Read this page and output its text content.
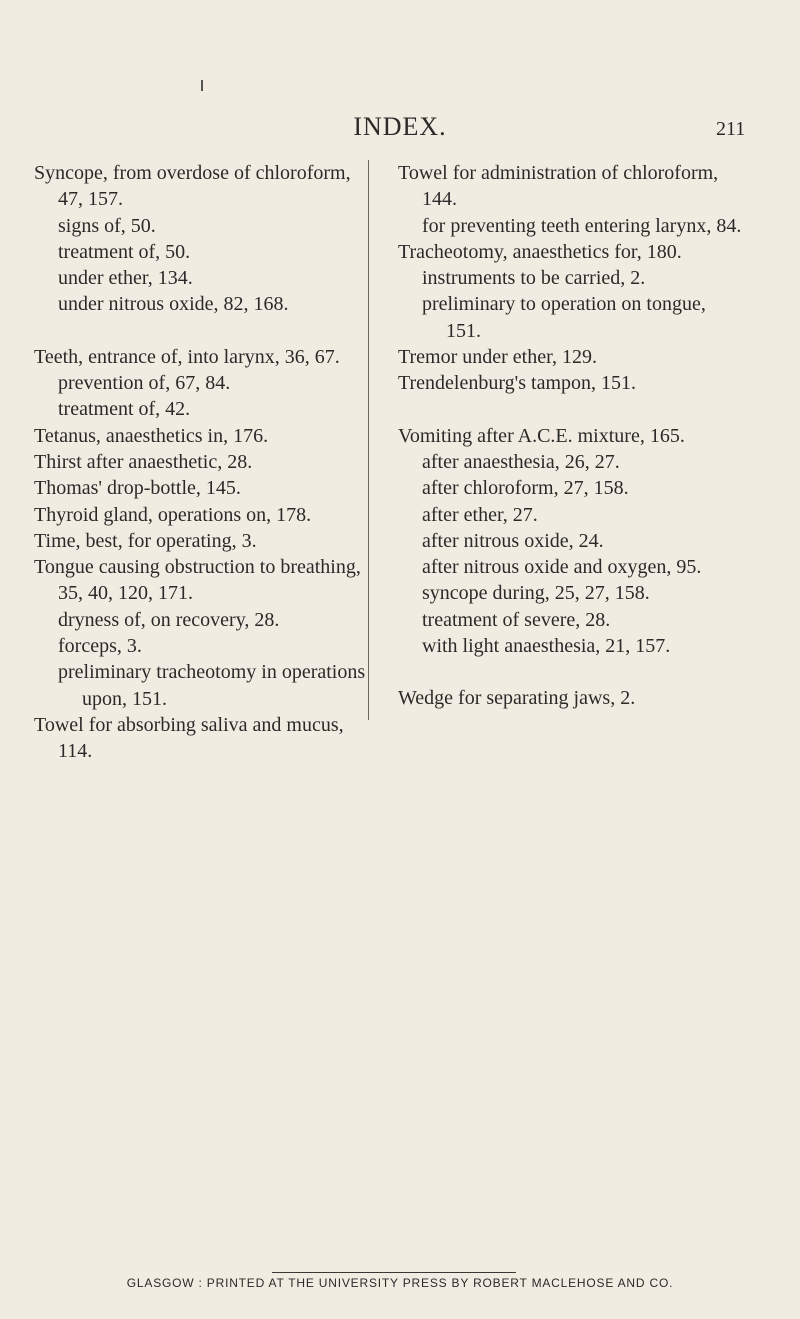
INDEX.	211
Syncope, from overdose of chloroform, 47, 157.
signs of, 50.
treatment of, 50.
under ether, 134.
under nitrous oxide, 82, 168.
Teeth, entrance of, into larynx, 36, 67.
prevention of, 67, 84.
treatment of, 42.
Tetanus, anaesthetics in, 176.
Thirst after anaesthetic, 28.
Thomas' drop-bottle, 145.
Thyroid gland, operations on, 178.
Time, best, for operating, 3.
Tongue causing obstruction to breathing, 35, 40, 120, 171.
dryness of, on recovery, 28.
forceps, 3.
preliminary tracheotomy in operations upon, 151.
Towel for absorbing saliva and mucus, 114.
Towel for administration of chloroform, 144.
for preventing teeth entering larynx, 84.
Tracheotomy, anaesthetics for, 180.
instruments to be carried, 2.
preliminary to operation on tongue, 151.
Tremor under ether, 129.
Trendelenburg's tampon, 151.
Vomiting after A.C.E. mixture, 165.
after anaesthesia, 26, 27.
after chloroform, 27, 158.
after ether, 27.
after nitrous oxide, 24.
after nitrous oxide and oxygen, 95.
syncope during, 25, 27, 158.
treatment of severe, 28.
with light anaesthesia, 21, 157.
Wedge for separating jaws, 2.
GLASGOW : PRINTED AT THE UNIVERSITY PRESS BY ROBERT MACLEHOSE AND CO.
